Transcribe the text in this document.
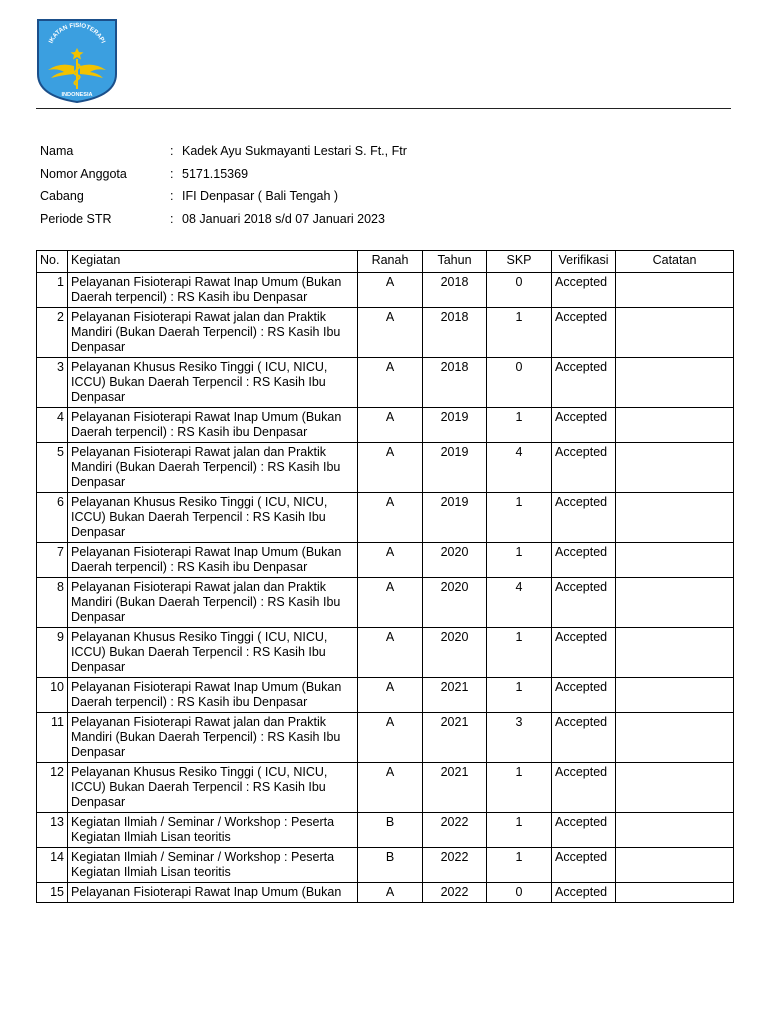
IKATAN FISIOTERAPI
INDONESIA
Nama	: Kadek Ayu Sukmayanti Lestari S. Ft., Ftr
Nomor Anggota	: 5171.15369
Cabang	: IFI Denpasar ( Bali Tengah )
Periode STR	: 08 Januari 2018 s/d 07 Januari 2023
No.	Kegiatan	Ranah	Tahun	SKP	Verifikasi	Catatan
1	Pelayanan Fisioterapi Rawat Inap Umum (Bukan Daerah terpencil) : RS Kasih ibu Denpasar	A	2018	0	Accepted	
2	Pelayanan Fisioterapi Rawat jalan dan Praktik Mandiri (Bukan Daerah Terpencil) : RS Kasih Ibu Denpasar	A	2018	1	Accepted	
3	Pelayanan Khusus Resiko Tinggi ( ICU, NICU, ICCU) Bukan Daerah Terpencil : RS Kasih Ibu Denpasar	A	2018	0	Accepted	
4	Pelayanan Fisioterapi Rawat Inap Umum (Bukan Daerah terpencil) : RS Kasih ibu Denpasar	A	2019	1	Accepted	
5	Pelayanan Fisioterapi Rawat jalan dan Praktik Mandiri (Bukan Daerah Terpencil) : RS Kasih Ibu Denpasar	A	2019	4	Accepted	
6	Pelayanan Khusus Resiko Tinggi ( ICU, NICU, ICCU) Bukan Daerah Terpencil : RS Kasih Ibu Denpasar	A	2019	1	Accepted	
7	Pelayanan Fisioterapi Rawat Inap Umum (Bukan Daerah terpencil) : RS Kasih ibu Denpasar	A	2020	1	Accepted	
8	Pelayanan Fisioterapi Rawat jalan dan Praktik Mandiri (Bukan Daerah Terpencil) : RS Kasih Ibu Denpasar	A	2020	4	Accepted	
9	Pelayanan Khusus Resiko Tinggi ( ICU, NICU, ICCU) Bukan Daerah Terpencil : RS Kasih Ibu Denpasar	A	2020	1	Accepted	
10	Pelayanan Fisioterapi Rawat Inap Umum (Bukan Daerah terpencil) : RS Kasih ibu Denpasar	A	2021	1	Accepted	
11	Pelayanan Fisioterapi Rawat jalan dan Praktik Mandiri (Bukan Daerah Terpencil) : RS Kasih Ibu Denpasar	A	2021	3	Accepted	
12	Pelayanan Khusus Resiko Tinggi ( ICU, NICU, ICCU) Bukan Daerah Terpencil : RS Kasih Ibu Denpasar	A	2021	1	Accepted	
13	Kegiatan Ilmiah / Seminar / Workshop : Peserta Kegiatan Ilmiah Lisan teoritis	B	2022	1	Accepted	
14	Kegiatan Ilmiah / Seminar / Workshop : Peserta Kegiatan Ilmiah Lisan teoritis	B	2022	1	Accepted	
15	Pelayanan Fisioterapi Rawat Inap Umum (Bukan	A	2022	0	Accepted	
